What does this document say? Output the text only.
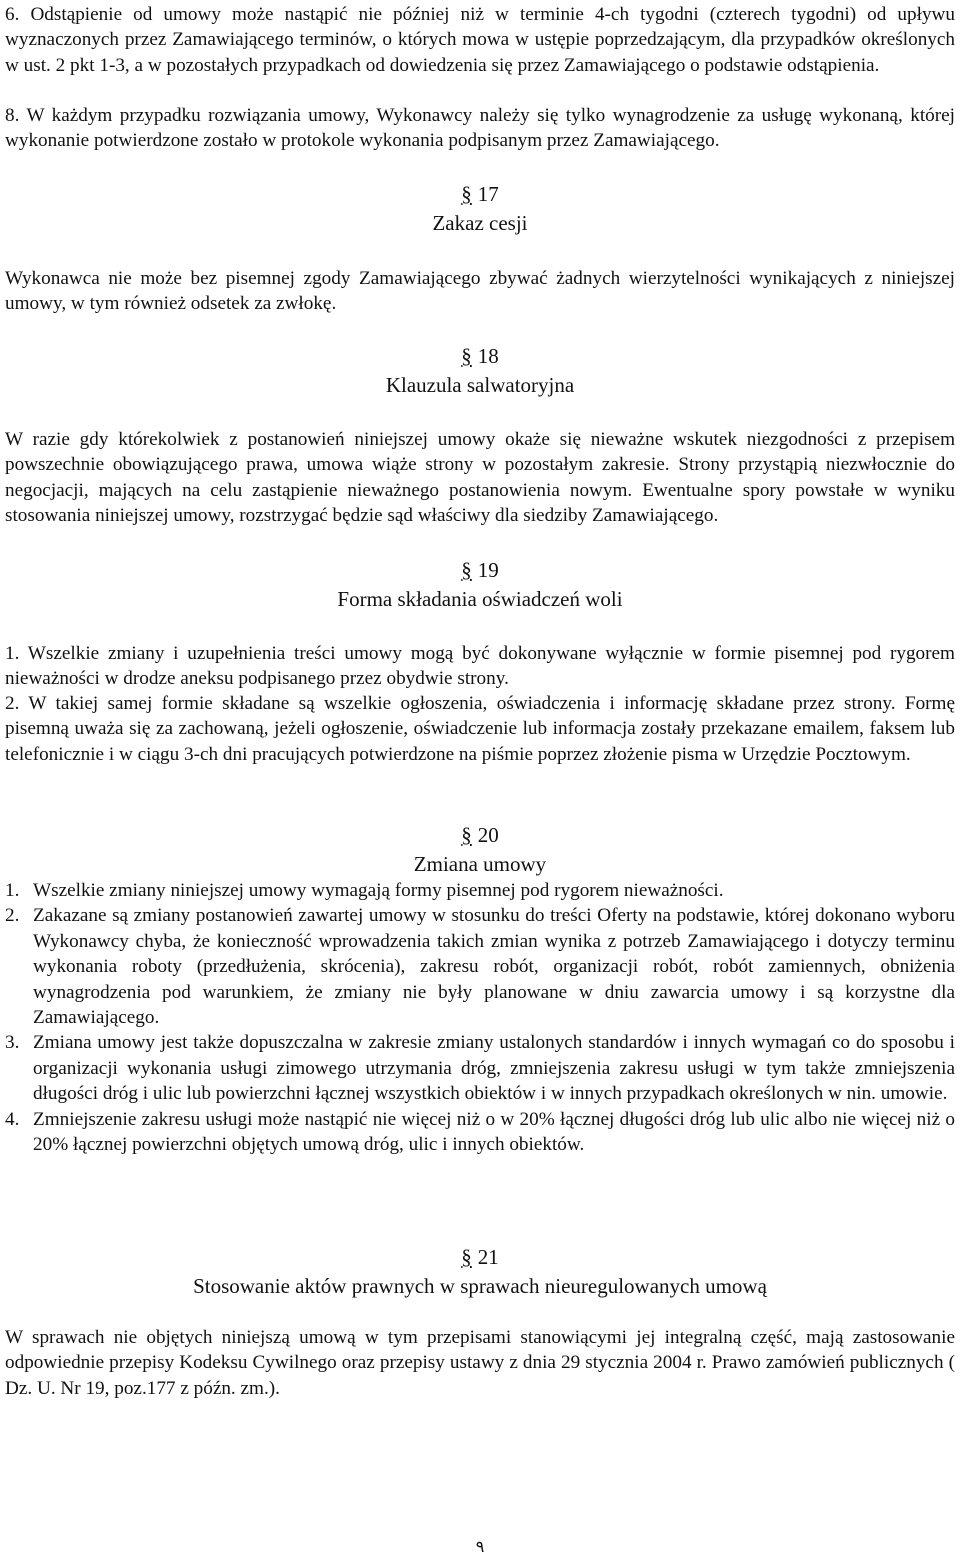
6. Odstąpienie od umowy może nastąpić nie później niż w terminie 4-ch tygodni (czterech tygodni) od upływu wyznaczonych przez Zamawiającego terminów, o których mowa w ustępie poprzedzającym, dla przypadków określonych w ust. 2 pkt 1-3, a w pozostałych przypadkach od dowiedzenia się przez Zamawiającego o podstawie odstąpienia.

8. W każdym przypadku rozwiązania umowy, Wykonawcy należy się tylko wynagrodzenie za usługę wykonaną, której wykonanie potwierdzone zostało w protokole wykonania podpisanym przez Zamawiającego.

§ 17
Zakaz cesji

Wykonawca nie może bez pisemnej zgody Zamawiającego zbywać żadnych wierzytelności wynikających z niniejszej umowy, w tym również odsetek za zwłokę.

§ 18
Klauzula salwatoryjna

W razie gdy którekolwiek z postanowień niniejszej umowy okaże się nieważne wskutek niezgodności z przepisem powszechnie obowiązującego prawa, umowa wiąże strony w pozostałym zakresie. Strony przystąpią niezwłocznie do negocjacji, mających na celu zastąpienie nieważnego postanowienia nowym. Ewentualne spory powstałe w wyniku stosowania niniejszej umowy, rozstrzygać będzie sąd właściwy dla siedziby Zamawiającego.

§ 19
Forma składania oświadczeń woli

1. Wszelkie zmiany i uzupełnienia treści umowy mogą być dokonywane wyłącznie w formie pisemnej pod rygorem nieważności w drodze aneksu podpisanego przez obydwie strony.

2. W takiej samej formie składane są wszelkie ogłoszenia, oświadczenia i informację składane przez strony. Formę pisemną uważa się za zachowaną, jeżeli ogłoszenie, oświadczenie lub informacja zostały przekazane emailem, faksem lub telefonicznie i w ciągu 3-ch dni pracujących potwierdzone na piśmie poprzez złożenie pisma w Urzędzie Pocztowym.

§ 20
Zmiana umowy
1. Wszelkie zmiany niniejszej umowy wymagają formy pisemnej pod rygorem nieważności.
2. Zakazane są zmiany postanowień zawartej umowy w stosunku do treści Oferty na podstawie, której dokonano wyboru Wykonawcy chyba, że konieczność wprowadzenia takich zmian wynika z potrzeb Zamawiającego i dotyczy terminu wykonania roboty (przedłużenia, skrócenia), zakresu robót, organizacji robót, robót zamiennych, obniżenia wynagrodzenia pod warunkiem, że zmiany nie były planowane w dniu zawarcia umowy i są korzystne dla Zamawiającego.
3. Zmiana umowy jest także dopuszczalna w zakresie zmiany ustalonych standardów i innych wymagań co do sposobu i organizacji wykonania usługi zimowego utrzymania dróg, zmniejszenia zakresu usługi w tym także zmniejszenia długości dróg i ulic lub powierzchni łącznej wszystkich obiektów i w innych przypadkach określonych w nin. umowie.
4. Zmniejszenie zakresu usługi może nastąpić nie więcej niż o w 20% łącznej długości dróg lub ulic albo nie więcej niż o 20% łącznej powierzchni objętych umową dróg, ulic i innych obiektów.
§ 21
Stosowanie aktów prawnych w sprawach nieuregulowanych umową

W sprawach nie objętych niniejszą umową w tym przepisami stanowiącymi jej integralną część, mają zastosowanie odpowiednie przepisy Kodeksu Cywilnego oraz przepisy ustawy z dnia 29 stycznia 2004 r. Prawo zamówień publicznych ( Dz. U. Nr 19, poz.177 z późn. zm.).

٩
